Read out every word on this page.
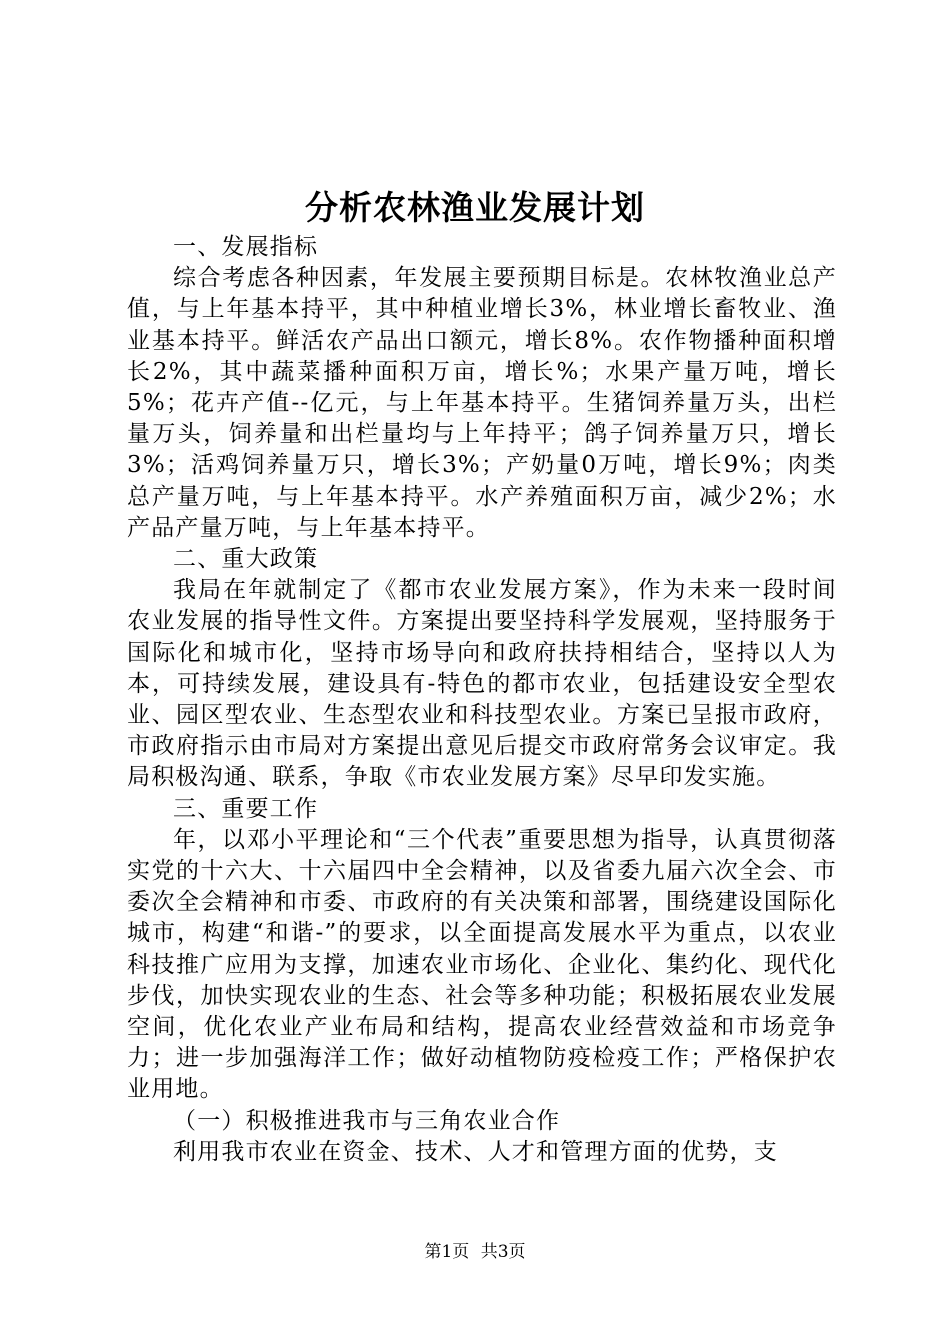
分析农林渔业发展计划

一、发展指标

综合考虑各种因素，年发展主要预期目标是。农林牧渔业总产值，与上年基本持平，其中种植业增长3%，林业增长畜牧业、渔业基本持平。鲜活农产品出口额元，增长8%。农作物播种面积增长2%，其中蔬菜播种面积万亩，增长%；水果产量万吨，增长5%；花卉产值--亿元，与上年基本持平。生猪饲养量万头，出栏量万头，饲养量和出栏量均与上年持平；鸽子饲养量万只，增长3%；活鸡饲养量万只，增长3%；产奶量0万吨，增长9%；肉类总产量万吨，与上年基本持平。水产养殖面积万亩，减少2%；水产品产量万吨，与上年基本持平。

二、重大政策

我局在年就制定了《都市农业发展方案》，作为未来一段时间农业发展的指导性文件。方案提出要坚持科学发展观，坚持服务于国际化和城市化，坚持市场导向和政府扶持相结合，坚持以人为本，可持续发展，建设具有-特色的都市农业，包括建设安全型农业、园区型农业、生态型农业和科技型农业。方案已呈报市政府，市政府指示由市局对方案提出意见后提交市政府常务会议审定。我局积极沟通、联系，争取《市农业发展方案》尽早印发实施。

三、重要工作

年，以邓小平理论和“三个代表”重要思想为指导，认真贯彻落实党的十六大、十六届四中全会精神，以及省委九届六次全会、市委次全会精神和市委、市政府的有关决策和部署，围绕建设国际化城市，构建“和谐-”的要求，以全面提高发展水平为重点，以农业科技推广应用为支撑，加速农业市场化、企业化、集约化、现代化步伐，加快实现农业的生态、社会等多种功能；积极拓展农业发展空间，优化农业产业布局和结构，提高农业经营效益和市场竞争力；进一步加强海洋工作；做好动植物防疫检疫工作；严格保护农业用地。

（一）积极推进我市与三角农业合作

利用我市农业在资金、技术、人才和管理方面的优势，支

第1页 共3页
